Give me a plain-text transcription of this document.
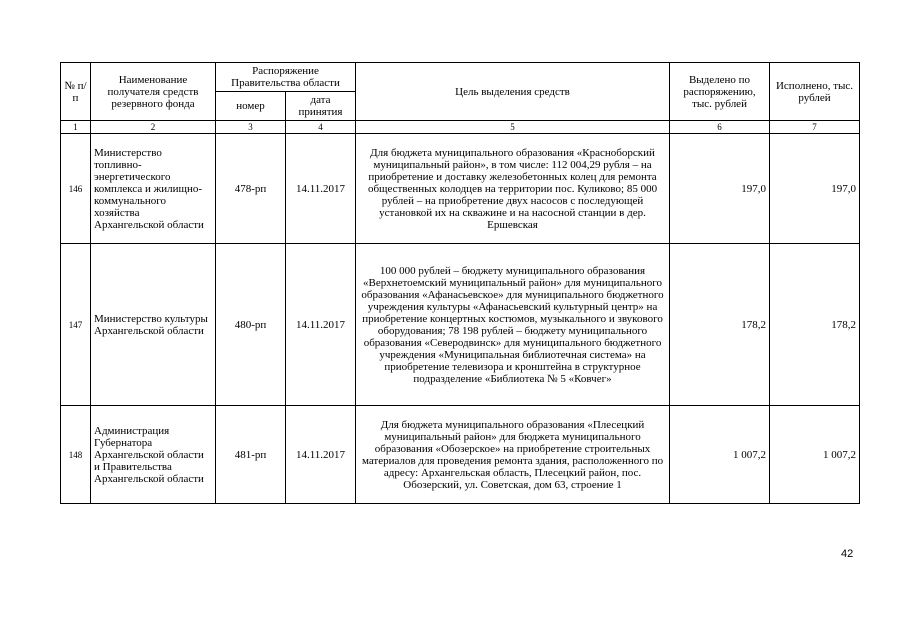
№ п/п	Наименование получателя средств резервного фонда	Распоряжение Правительства области		Цель выделения средств	Выделено по распоряжению, тыс. рублей	Исполнено, тыс. рублей
		номер	дата принятия			
1	2	3	4	5	6	7
146	Министерство топливно-энергетического комплекса и жилищно-коммунального хозяйства Архангельской области	478-рп	14.11.2017	Для бюджета муниципального образования «Красноборский муниципальный район», в том числе: 112 004,29 рубля – на приобретение и доставку железобетонных колец для ремонта общественных колодцев на территории пос. Куликово; 85 000 рублей – на приобретение двух насосов с последующей установкой их на скважине и на насосной станции в дер. Ершевская	197,0	197,0
147	Министерство культуры Архангельской области	480-рп	14.11.2017	100 000 рублей – бюджету муниципального образования «Верхнетоемский муниципальный район» для муниципального образования «Афанасьевское» для муниципального бюджетного учреждения культуры «Афанасьевский культурный центр» на приобретение концертных костюмов, музыкального и звукового оборудования; 78 198 рублей – бюджету муниципального образования «Северодвинск» для муниципального бюджетного учреждения «Муниципальная библиотечная система» на приобретение телевизора и кронштейна в структурное подразделение «Библиотека № 5 «Ковчег»	178,2	178,2
148	Администрация Губернатора Архангельской области и Правительства Архангельской области	481-рп	14.11.2017	Для бюджета муниципального образования «Плесецкий муниципальный район» для бюджета муниципального образования «Обозерское» на приобретение строительных материалов для проведения ремонта здания, расположенного по адресу: Архангельская область, Плесецкий район, пос. Обозерский, ул. Советская, дом 63, строение 1	1 007,2	1 007,2
42
